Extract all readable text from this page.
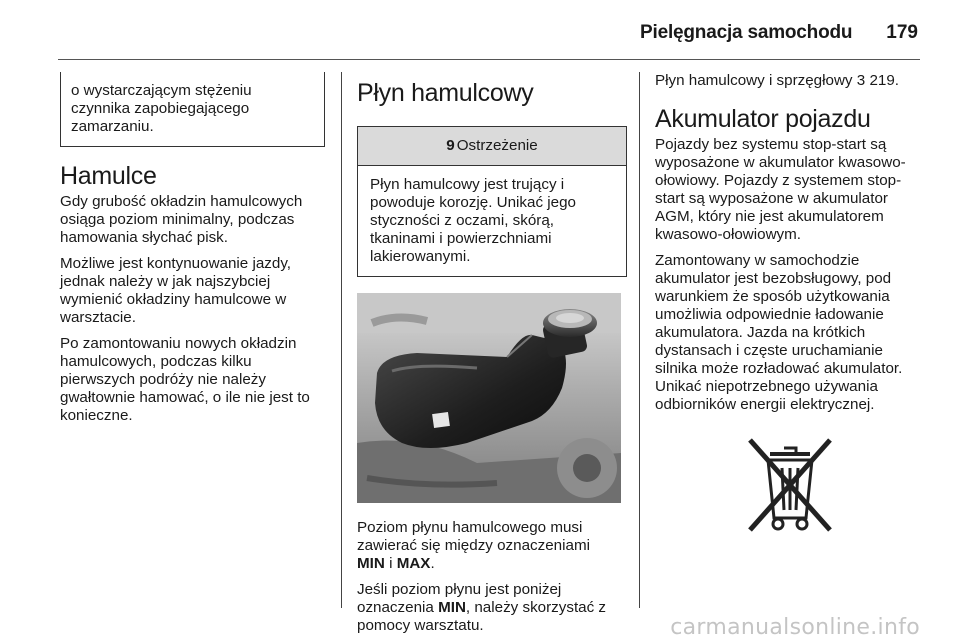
Pielęgnacja samochodu 179
o wystarczającym stężeniu czynnika zapobiegającego zamarzaniu.
Hamulce

Gdy grubość okładzin hamulcowych osiąga poziom minimalny, podczas hamowania słychać pisk.

Możliwe jest kontynuowanie jazdy, jednak należy w jak najszybciej wymienić okładziny hamulcowe w warsztacie.

Po zamontowaniu nowych okładzin hamulcowych, podczas kilku pierwszych podróży nie należy gwałtownie hamować, o ile nie jest to konieczne.

Płyn hamulcowy
9 Ostrzeżenie
Płyn hamulcowy jest trujący i powoduje korozję. Unikać jego styczności z oczami, skórą, tkaninami i powierzchniami lakierowanymi.

Poziom płynu hamulcowego musi zawierać się między oznaczeniami
MIN i MAX.

Jeśli poziom płynu jest poniżej oznaczenia MIN, należy skorzystać z pomocy warsztatu.

Płyn hamulcowy i sprzęgłowy 3 219.

Akumulator pojazdu

Pojazdy bez systemu stop-start są wyposażone w akumulator kwasowo-ołowiowy. Pojazdy z systemem stop-start są wyposażone w akumulator AGM, który nie jest akumulatorem kwasowo-ołowiowym.

Zamontowany w samochodzie akumulator jest bezobsługowy, pod warunkiem że sposób użytkowania umożliwia odpowiednie ładowanie akumulatora. Jazda na krótkich dystansach i częste uruchamianie silnika może rozładować akumulator. Unikać niepotrzebnego używania odbiorników energii elektrycznej.

carmanualsonline.info
